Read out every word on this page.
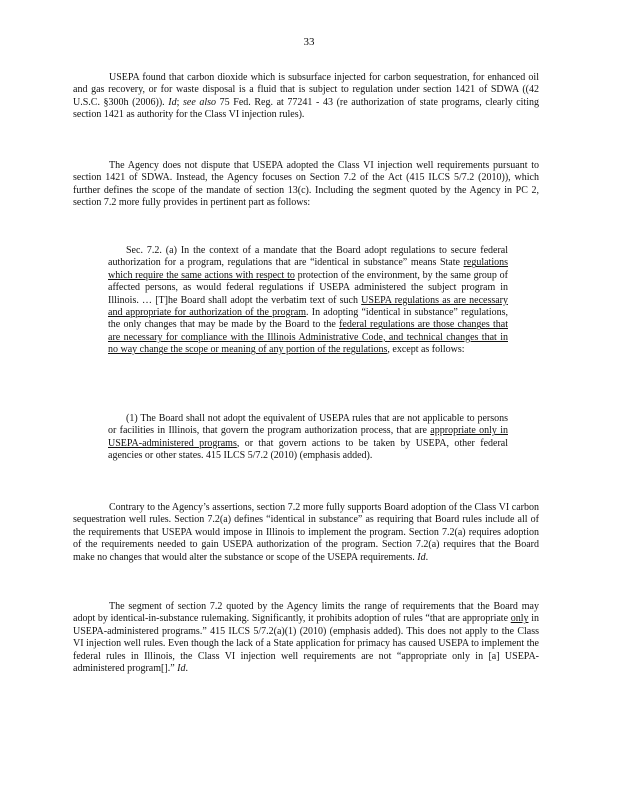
33

USEPA found that carbon dioxide which is subsurface injected for carbon sequestration, for enhanced oil and gas recovery, or for waste disposal is a fluid that is subject to regulation under section 1421 of SDWA ((42 U.S.C. §300h (2006)). Id; see also 75 Fed. Reg. at 77241 - 43 (re authorization of state programs, clearly citing section 1421 as authority for the Class VI injection rules).

The Agency does not dispute that USEPA adopted the Class VI injection well requirements pursuant to section 1421 of SDWA. Instead, the Agency focuses on Section 7.2 of the Act (415 ILCS 5/7.2 (2010)), which further defines the scope of the mandate of section 13(c). Including the segment quoted by the Agency in PC 2, section 7.2 more fully provides in pertinent part as follows:

Sec. 7.2. (a) In the context of a mandate that the Board adopt regulations to secure federal authorization for a program, regulations that are “identical in substance” means State regulations which require the same actions with respect to protection of the environment, by the same group of affected persons, as would federal regulations if USEPA administered the subject program in Illinois. … [T]he Board shall adopt the verbatim text of such USEPA regulations as are necessary and appropriate for authorization of the program. In adopting “identical in substance” regulations, the only changes that may be made by the Board to the federal regulations are those changes that are necessary for compliance with the Illinois Administrative Code, and technical changes that in no way change the scope or meaning of any portion of the regulations, except as follows:

(1) The Board shall not adopt the equivalent of USEPA rules that are not applicable to persons or facilities in Illinois, that govern the program authorization process, that are appropriate only in USEPA-administered programs, or that govern actions to be taken by USEPA, other federal agencies or other states. 415 ILCS 5/7.2 (2010) (emphasis added).

Contrary to the Agency’s assertions, section 7.2 more fully supports Board adoption of the Class VI carbon sequestration well rules. Section 7.2(a) defines “identical in substance” as requiring that Board rules include all of the requirements that USEPA would impose in Illinois to implement the program. Section 7.2(a) requires adoption of the requirements needed to gain USEPA authorization of the program. Section 7.2(a) requires that the Board make no changes that would alter the substance or scope of the USEPA requirements. Id.

The segment of section 7.2 quoted by the Agency limits the range of requirements that the Board may adopt by identical-in-substance rulemaking. Significantly, it prohibits adoption of rules “that are appropriate only in USEPA-administered programs.” 415 ILCS 5/7.2(a)(1) (2010) (emphasis added). This does not apply to the Class VI injection well rules. Even though the lack of a State application for primacy has caused USEPA to implement the federal rules in Illinois, the Class VI injection well requirements are not “appropriate only in [a] USEPA-administered program[].” Id.
